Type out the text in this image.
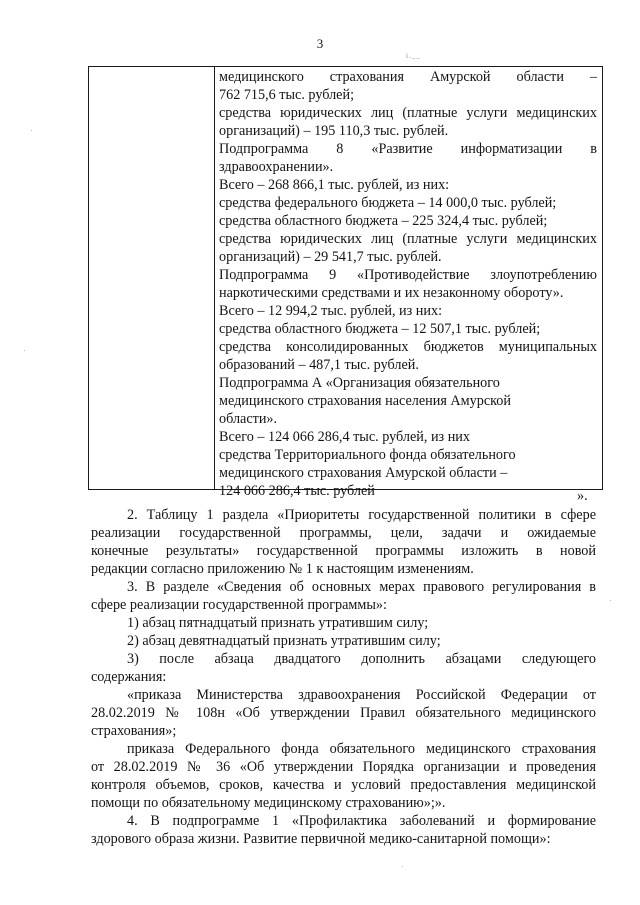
3
i.__
медицинского страхования Амурской области –
762 715,6 тыс. рублей;
средства юридических лиц (платные услуги медицинских
организаций) – 195 110,3 тыс. рублей.
Подпрограмма 8 «Развитие информатизации в
здравоохранении».
Всего – 268 866,1 тыс. рублей, из них:
средства федерального бюджета – 14 000,0 тыс. рублей;
средства областного бюджета – 225 324,4 тыс. рублей;
средства юридических лиц (платные услуги медицинских
организаций) – 29 541,7 тыс. рублей.
Подпрограмма 9 «Противодействие злоупотреблению
наркотическими средствами и их незаконному обороту».
Всего – 12 994,2 тыс. рублей, из них:
средства областного бюджета – 12 507,1 тыс. рублей;
средства консолидированных бюджетов муниципальных
образований – 487,1 тыс. рублей.
Подпрограмма А «Организация обязательного
медицинского страхования населения Амурской
области».
Всего – 124 066 286,4 тыс. рублей, из них
средства Территориального фонда обязательного
медицинского страхования Амурской области –
124 066 286,4 тыс. рублей	».
2. Таблицу 1 раздела «Приоритеты государственной политики в сфере
реализации государственной программы, цели, задачи и ожидаемые
конечные результаты» государственной программы изложить в новой
редакции согласно приложению № 1 к настоящим изменениям.
3. В разделе «Сведения об основных мерах правового регулирования в
сфере реализации государственной программы»:
1) абзац пятнадцатый признать утратившим силу;
2) абзац девятнадцатый признать утратившим силу;
3) после абзаца двадцатого дополнить абзацами следующего
содержания:
«приказа Министерства здравоохранения Российской Федерации от
28.02.2019 № 108н «Об утверждении Правил обязательного медицинского
страхования»;
приказа Федерального фонда обязательного медицинского страхования
от 28.02.2019 № 36 «Об утверждении Порядка организации и проведения
контроля объемов, сроков, качества и условий предоставления медицинской
помощи по обязательному медицинскому страхованию»;».
4. В подпрограмме 1 «Профилактика заболеваний и формирование
здорового образа жизни. Развитие первичной медико-санитарной помощи»:
